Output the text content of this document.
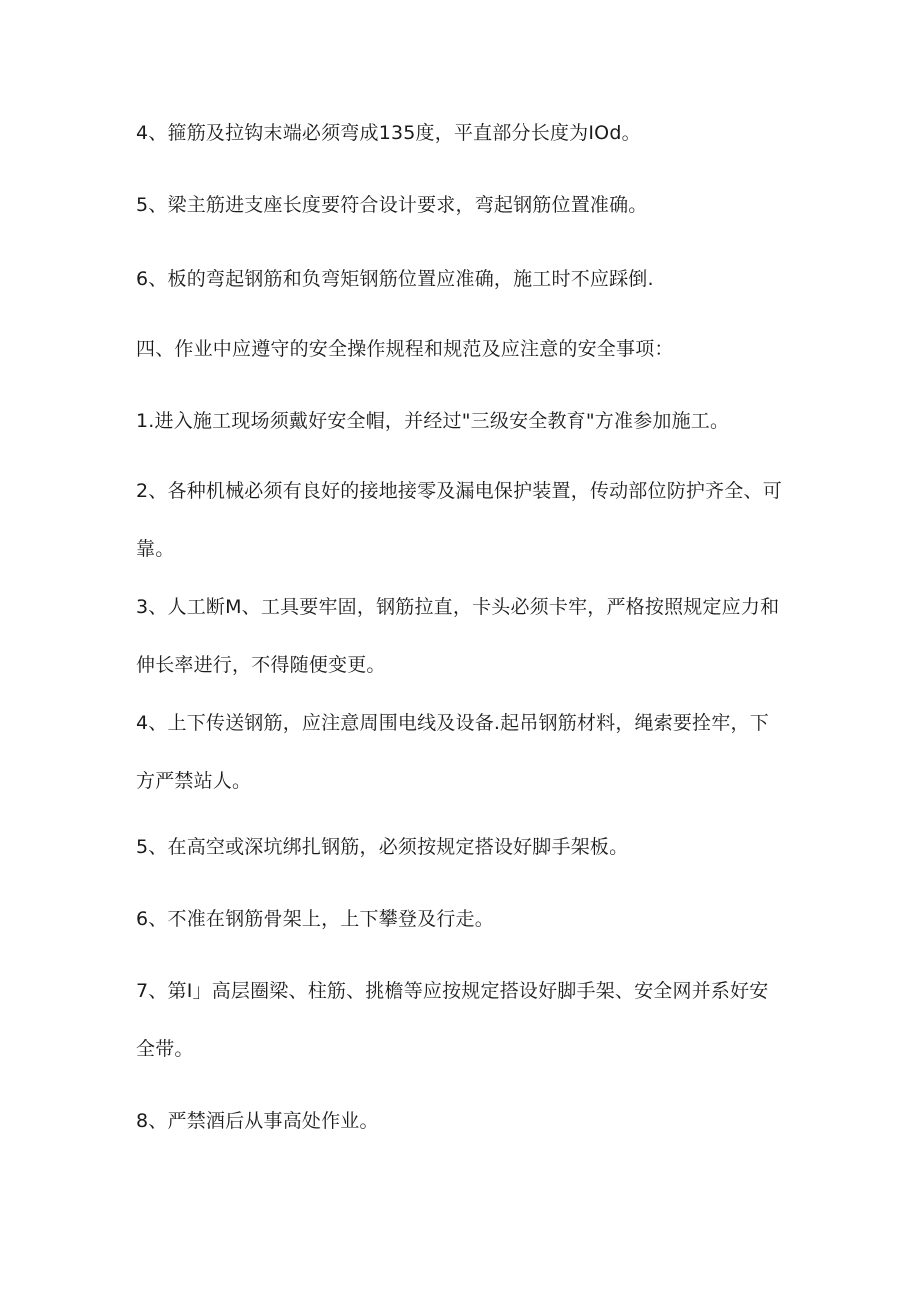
4、箍筋及拉钩末端必须弯成135度，平直部分长度为IOd。

5、梁主筋进支座长度要符合设计要求，弯起钢筋位置准确。

6、板的弯起钢筋和负弯矩钢筋位置应准确，施工时不应踩倒.

四、作业中应遵守的安全操作规程和规范及应注意的安全事项：

1.进入施工现场须戴好安全帽，并经过"三级安全教育"方准参加施工。

2、各种机械必须有良好的接地接零及漏电保护装置，传动部位防护齐全、可靠。

3、人工断M、工具要牢固，钢筋拉直，卡头必须卡牢，严格按照规定应力和伸长率进行，不得随便变更。

4、上下传送钢筋，应注意周围电线及设备.起吊钢筋材料，绳索要拴牢，下方严禁站人。

5、在高空或深坑绑扎钢筋，必须按规定搭设好脚手架板。

6、不准在钢筋骨架上，上下攀登及行走。

7、第I」高层圈梁、柱筋、挑檐等应按规定搭设好脚手架、安全网并系好安全带。

8、严禁酒后从事高处作业。
